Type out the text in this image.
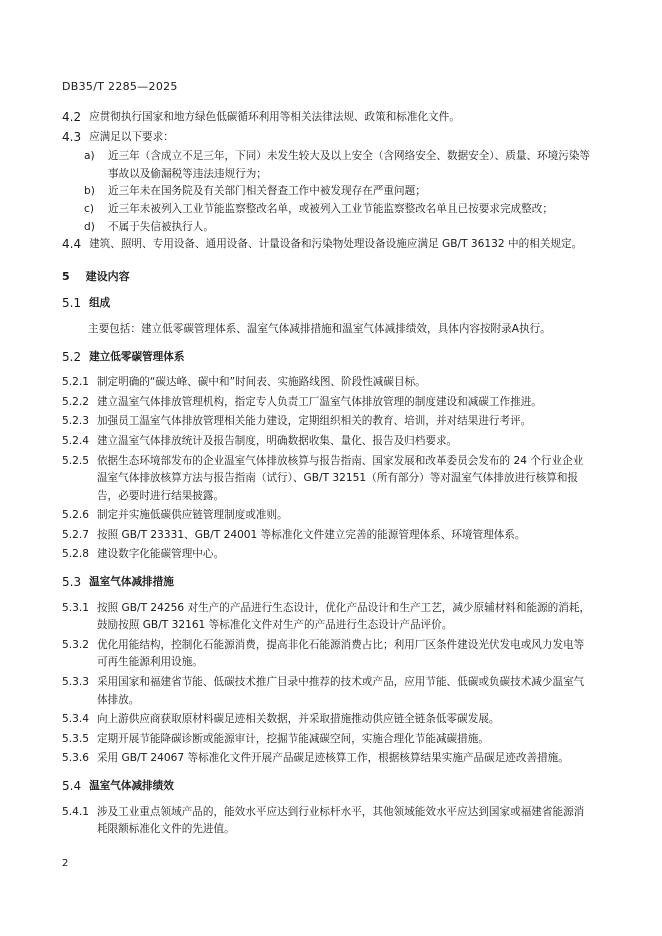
DB35/T 2285—2025
4.2 应贯彻执行国家和地方绿色低碳循环利用等相关法律法规、政策和标准化文件。
4.3 应满足以下要求：
a)	近三年（含成立不足三年，下同）未发生较大及以上安全（含网络安全、数据安全）、质量、环境污染等事故以及偷漏税等违法违规行为；
b)	近三年未在国务院及有关部门相关督查工作中被发现存在严重问题；
c)	近三年未被列入工业节能监察整改名单，或被列入工业节能监察整改名单且已按要求完成整改；
d)	不属于失信被执行人。
4.4 建筑、照明、专用设备、通用设备、计量设备和污染物处理设备设施应满足 GB/T 36132 中的相关规定。
5 建设内容
5.1 组成
主要包括：建立低零碳管理体系、温室气体减排措施和温室气体减排绩效，具体内容按附录A执行。
5.2 建立低零碳管理体系
5.2.1 制定明确的“碳达峰、碳中和”时间表、实施路线图、阶段性减碳目标。
5.2.2 建立温室气体排放管理机构，指定专人负责工厂温室气体排放管理的制度建设和减碳工作推进。
5.2.3 加强员工温室气体排放管理相关能力建设，定期组织相关的教育、培训，并对结果进行考评。
5.2.4 建立温室气体排放统计及报告制度，明确数据收集、量化、报告及归档要求。
5.2.5 依据生态环境部发布的企业温室气体排放核算与报告指南、国家发展和改革委员会发布的 24 个行业企业温室气体排放核算方法与报告指南（试行）、GB/T 32151（所有部分）等对温室气体排放进行核算和报告，必要时进行结果披露。
5.2.6 制定并实施低碳供应链管理制度或准则。
5.2.7 按照 GB/T 23331、GB/T 24001 等标准化文件建立完善的能源管理体系、环境管理体系。
5.2.8 建设数字化能碳管理中心。
5.3 温室气体减排措施
5.3.1 按照 GB/T 24256 对生产的产品进行生态设计，优化产品设计和生产工艺，减少原辅材料和能源的消耗，鼓励按照 GB/T 32161 等标准化文件对生产的产品进行生态设计产品评价。
5.3.2 优化用能结构，控制化石能源消费，提高非化石能源消费占比；利用厂区条件建设光伏发电或风力发电等可再生能源利用设施。
5.3.3 采用国家和福建省节能、低碳技术推广目录中推荐的技术或产品，应用节能、低碳或负碳技术减少温室气体排放。
5.3.4 向上游供应商获取原材料碳足迹相关数据，并采取措施推动供应链全链条低零碳发展。
5.3.5 定期开展节能降碳诊断或能源审计，挖掘节能减碳空间，实施合理化节能减碳措施。
5.3.6 采用 GB/T 24067 等标准化文件开展产品碳足迹核算工作，根据核算结果实施产品碳足迹改善措施。
5.4 温室气体减排绩效
5.4.1 涉及工业重点领域产品的，能效水平应达到行业标杆水平，其他领域能效水平应达到国家或福建省能源消耗限额标准化文件的先进值。
2
